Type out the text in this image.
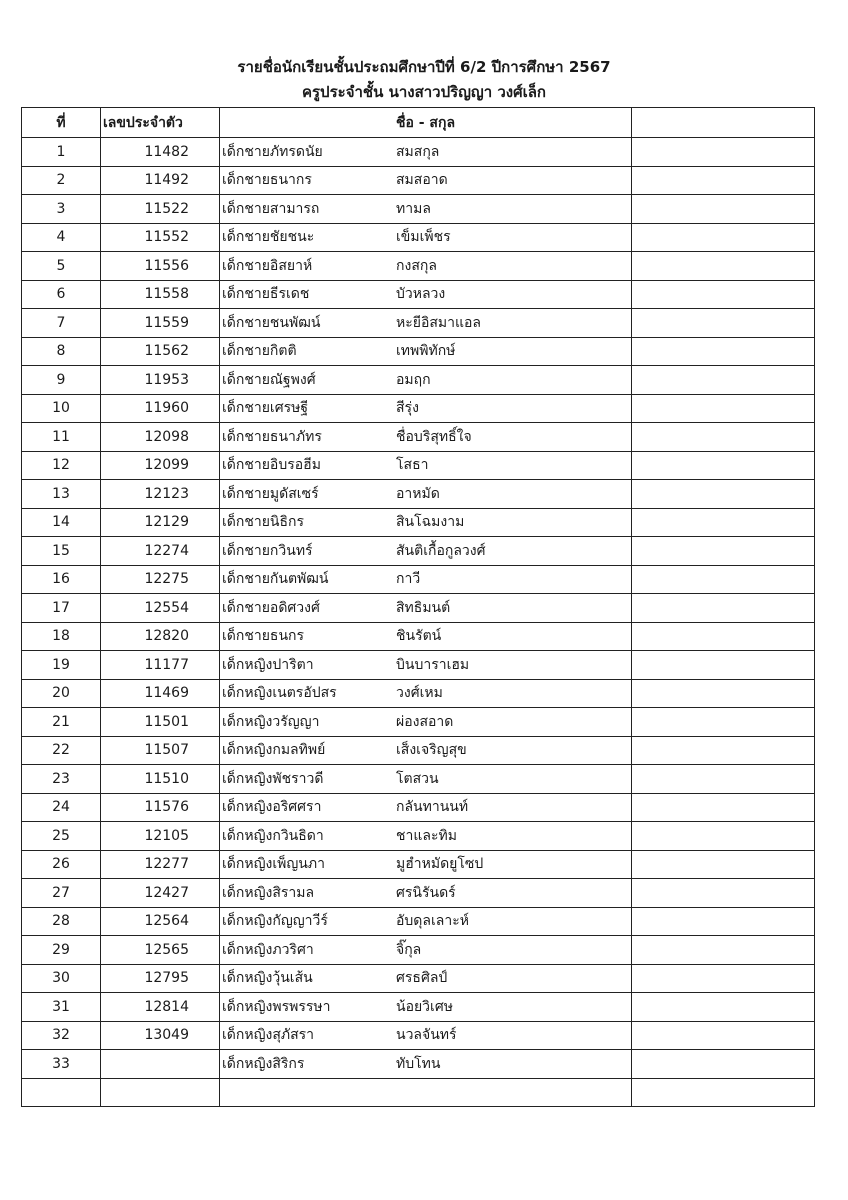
รายชื่อนักเรียนชั้นประถมศึกษาปีที่ 6/2 ปีการศึกษา 2567
ครูประจำชั้น นางสาวปริญญา วงศ์เล็ก
ที่	เลขประจำตัว	ชื่อ - สกุล	
1	11482	เด็กชายภัทรดนัย สมสกุล	
2	11492	เด็กชายธนากร สมสอาด	
3	11522	เด็กชายสามารถ ทามล	
4	11552	เด็กชายชัยชนะ เข็มเพ็ชร	
5	11556	เด็กชายอิสยาห์ กงสกุล	
6	11558	เด็กชายธีรเดช บัวหลวง	
7	11559	เด็กชายชนพัฒน์ หะยีอิสมาแอล	
8	11562	เด็กชายกิตติ เทพพิทักษ์	
9	11953	เด็กชายณัฐพงศ์ อมฤก	
10	11960	เด็กชายเศรษฐี สีรุ่ง	
11	12098	เด็กชายธนาภัทร ชื่อบริสุทธิ์ใจ	
12	12099	เด็กชายอิบรอฮีม โสธา	
13	12123	เด็กชายมูดัสเซร์ อาหมัด	
14	12129	เด็กชายนิธิกร สินโฉมงาม	
15	12274	เด็กชายกวินทร์ สันติเกื้อกูลวงศ์	
16	12275	เด็กชายกันตพัฒน์ กาวี	
17	12554	เด็กชายอดิศวงศ์ สิทธิมนต์	
18	12820	เด็กชายธนกร ชินรัตน์	
19	11177	เด็กหญิงปาริตา บินบาราเฮม	
20	11469	เด็กหญิงเนตรอัปสร วงศ์เหม	
21	11501	เด็กหญิงวรัญญา ผ่องสอาด	
22	11507	เด็กหญิงกมลทิพย์ เส็งเจริญสุข	
23	11510	เด็กหญิงพัชราวดี โตสวน	
24	11576	เด็กหญิงอริศศรา กลันทานนท์	
25	12105	เด็กหญิงกวินธิดา ชาและทิม	
26	12277	เด็กหญิงเพ็ญนภา มูฮำหมัดยูโซป	
27	12427	เด็กหญิงสิรามล ศรนิรันดร์	
28	12564	เด็กหญิงกัญญาวีร์ อับดุลเลาะห์	
29	12565	เด็กหญิงภวริศา จิ๊กุล	
30	12795	เด็กหญิงวุ้นเส้น ศรธศิลป์	
31	12814	เด็กหญิงพรพรรษา น้อยวิเศษ	
32	13049	เด็กหญิงสุภัสรา นวลจันทร์	
33		เด็กหญิงสิริกร ทับโทน	
